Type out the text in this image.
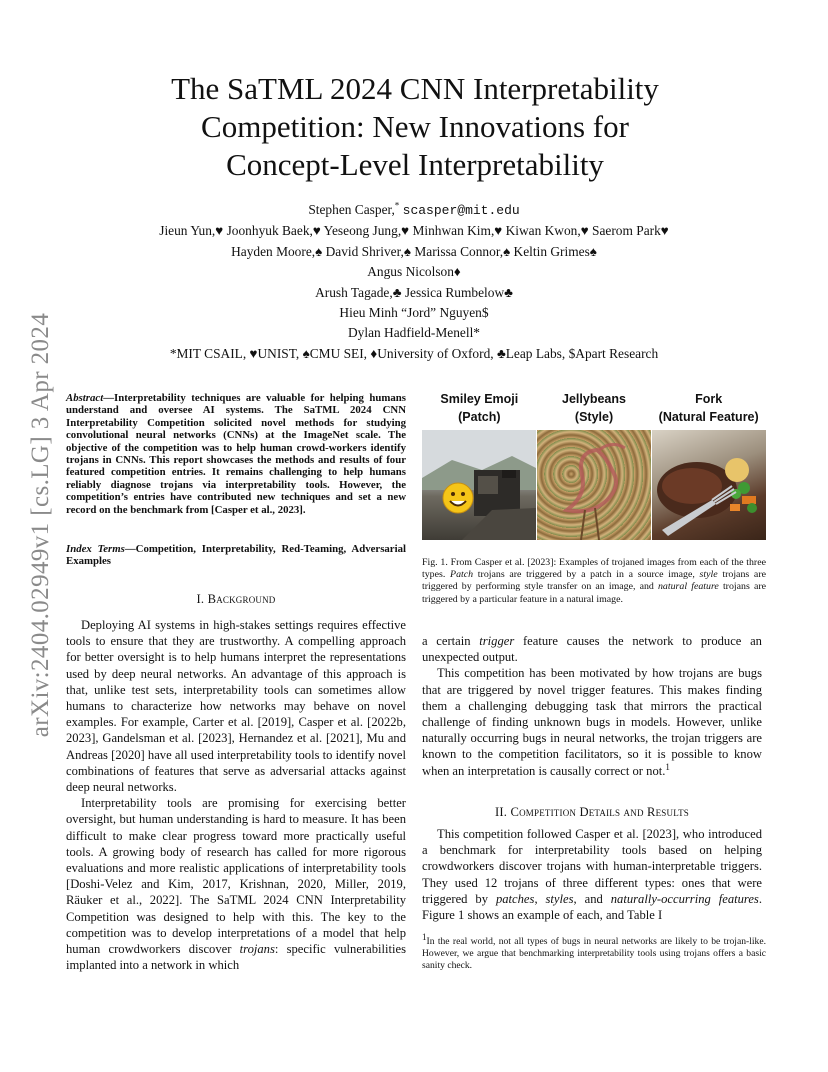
arXiv:2404.02949v1 [cs.LG] 3 Apr 2024
The SaTML 2024 CNN Interpretability
Competition: New Innovations for
Concept-Level Interpretability
Stephen Casper,* scasper@mit.edu
Jieun Yun,♥ Joonhyuk Baek,♥ Yeseong Jung,♥ Minhwan Kim,♥ Kiwan Kwon,♥ Saerom Park♥
Hayden Moore,♠ David Shriver,♠ Marissa Connor,♠ Keltin Grimes♠
Angus Nicolson♦
Arush Tagade,♣ Jessica Rumbelow♣
Hieu Minh “Jord” Nguyen$
Dylan Hadfield-Menell*
*MIT CSAIL, ♥UNIST, ♠CMU SEI, ♦University of Oxford, ♣Leap Labs, $Apart Research
Abstract—Interpretability techniques are valuable for helping humans understand and oversee AI systems. The SaTML 2024 CNN Interpretability Competition solicited novel methods for studying convolutional neural networks (CNNs) at the ImageNet scale. The objective of the competition was to help human crowd-workers identify trojans in CNNs. This report showcases the methods and results of four featured competition entries. It remains challenging to help humans reliably diagnose trojans via interpretability tools. However, the competition’s entries have contributed new techniques and set a new record on the benchmark from [Casper et al., 2023].
Index Terms—Competition, Interpretability, Red-Teaming, Adversarial Examples
I. Background

Deploying AI systems in high-stakes settings requires effective tools to ensure that they are trustworthy. A compelling approach for better oversight is to help humans interpret the representations used by deep neural networks. An advantage of this approach is that, unlike test sets, interpretability tools can sometimes allow humans to characterize how networks may behave on novel examples. For example, Carter et al. [2019], Casper et al. [2022b, 2023], Gandelsman et al. [2023], Hernandez et al. [2021], Mu and Andreas [2020] have all used interpretability tools to identify novel combinations of features that serve as adversarial attacks against deep neural networks.

Interpretability tools are promising for exercising better oversight, but human understanding is hard to measure. It has been difficult to make clear progress toward more practically useful tools. A growing body of research has called for more rigorous evaluations and more realistic applications of interpretability tools [Doshi-Velez and Kim, 2017, Krishnan, 2020, Miller, 2019, Räuker et al., 2022]. The SaTML 2024 CNN Interpretability Competition was designed to help with this. The key to the competition was to develop interpretations of a model that help human crowdworkers discover trojans: specific vulnerabilities implanted into a network in which

Smiley Emoji
(Patch)
Jellybeans
(Style)
Fork
(Natural Feature)
Fig. 1. From Casper et al. [2023]: Examples of trojaned images from each of the three types. Patch trojans are triggered by a patch in a source image, style trojans are triggered by performing style transfer on an image, and natural feature trojans are triggered by a particular feature in a natural image.

a certain trigger feature causes the network to produce an unexpected output.

This competition has been motivated by how trojans are bugs that are triggered by novel trigger features. This makes finding them a challenging debugging task that mirrors the practical challenge of finding unknown bugs in models. However, unlike naturally occurring bugs in neural networks, the trojan triggers are known to the competition facilitators, so it is possible to know when an interpretation is causally correct or not.$^1$

II. Competition Details and Results

This competition followed Casper et al. [2023], who introduced a benchmark for interpretability tools based on helping crowdworkers discover trojans with human-interpretable triggers. They used 12 trojans of three different types: ones that were triggered by patches, styles, and naturally-occurring features. Figure 1 shows an example of each, and Table I

$^1$In the real world, not all types of bugs in neural networks are likely to be trojan-like. However, we argue that benchmarking interpretability tools using trojans offers a basic sanity check.
